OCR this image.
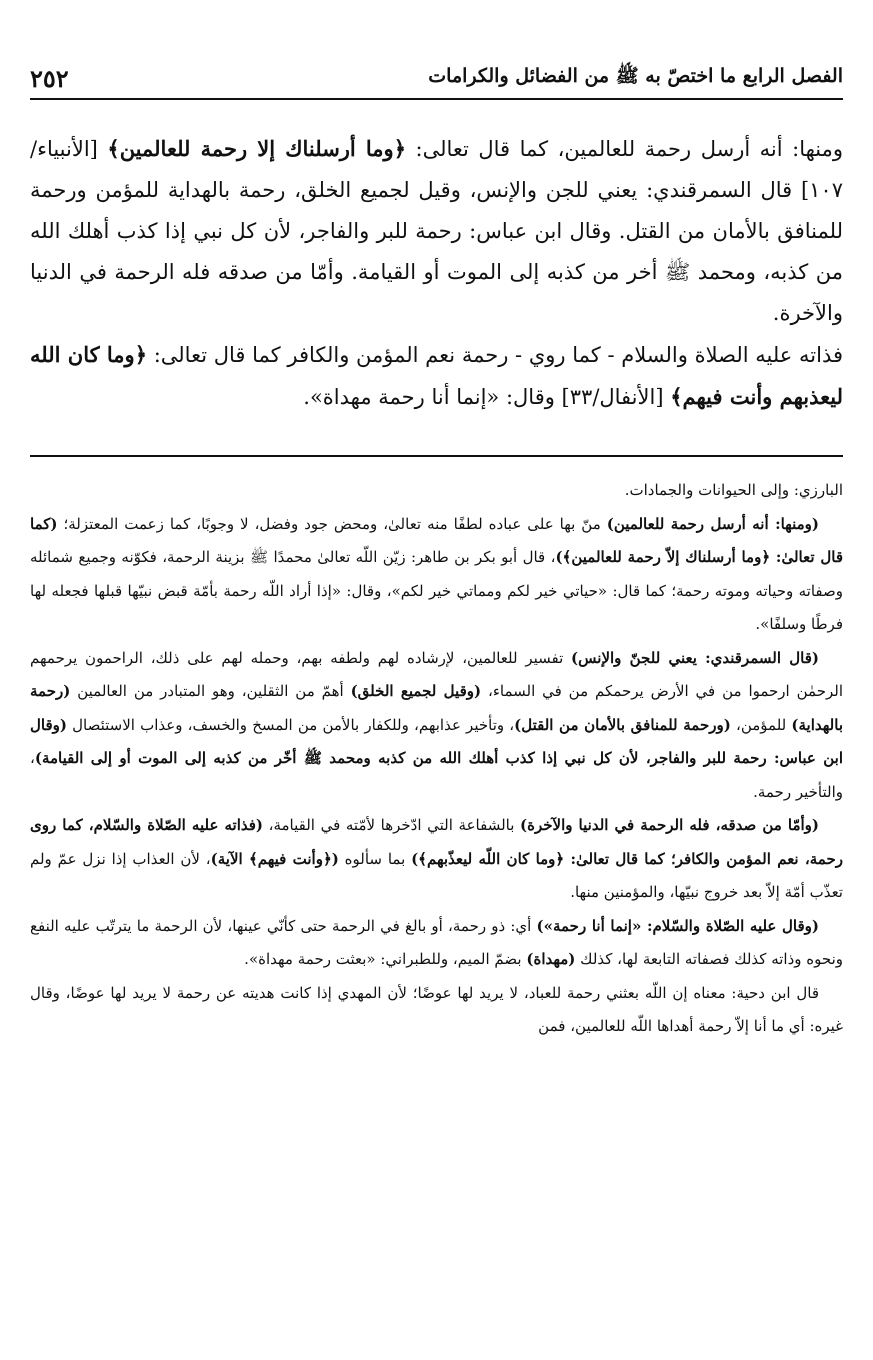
الفصل الرابع ما اختصّ به ﷺ من الفضائل والكرامات
٢٥٢

ومنها: أنه أرسل رحمة للعالمين، كما قال تعالى: ﴿وما أرسلناك إلا رحمة للعالمين﴾ [الأنبياء/١٠٧] قال السمرقندي: يعني للجن والإنس، وقيل لجميع الخلق، رحمة بالهداية للمؤمن ورحمة للمنافق بالأمان من القتل. وقال ابن عباس: رحمة للبر والفاجر، لأن كل نبي إذا كذب أهلك الله من كذبه، ومحمد ﷺ أخر من كذبه إلى الموت أو القيامة. وأمّا من صدقه فله الرحمة في الدنيا والآخرة.

فذاته عليه الصلاة والسلام - كما روي - رحمة نعم المؤمن والكافر كما قال تعالى: ﴿وما كان الله ليعذبهم وأنت فيهم﴾ [الأنفال/٣٣] وقال: «إنما أنا رحمة مهداة».

البارزي: وإلى الحيوانات والجمادات.

(ومنها: أنه أرسل رحمة للعالمين) منّ بها على عباده لطفًا منه تعالىٰ، ومحض جود وفضل، لا وجوبًا، كما زعمت المعتزلة؛ (كما قال تعالىٰ: ﴿وما أرسلناك إلاّ رحمة للعالمين﴾)، قال أبو بكر بن طاهر: زيّن اللّه تعالىٰ محمدًا ﷺ بزينة الرحمة، فكوّنه وجميع شمائله وصفاته وحياته وموته رحمة؛ كما قال: «حياتي خير لكم ومماتي خير لكم»، وقال: «إذا أراد اللّه رحمة بأمّة قبض نبيّها قبلها فجعله لها فرطًا وسلفًا».

(قال السمرقندي: يعني للجنّ والإنس) تفسير للعالمين، لإرشاده لهم ولطفه بهم، وحمله لهم على ذلك، الراحمون يرحمهم الرحمٰن ارحموا من في الأرض يرحمكم من في السماء، (وقيل لجميع الخلق) أهمّ من الثقلين، وهو المتبادر من العالمين (رحمة بالهداية) للمؤمن، (ورحمة للمنافق بالأمان من القتل)، وتأخير عذابهم، وللكفار بالأمن من المسخ والخسف، وعذاب الاستئصال (وقال ابن عباس: رحمة للبر والفاجر، لأن كل نبي إذا كذب أهلك الله من كذبه ومحمد ﷺ أخّر من كذبه إلى الموت أو إلى القيامة)، والتأخير رحمة.

(وأمّا من صدقه، فله الرحمة في الدنيا والآخرة) بالشفاعة التي ادّخرها لأمّته في القيامة، (فذاته عليه الصّلاة والسّلام، كما روى رحمة، نعم المؤمن والكافر؛ كما قال تعالىٰ: ﴿وما كان اللّه ليعذّبهم﴾) بما سألوه (﴿وأنت فيهم﴾ الآية)، لأن العذاب إذا نزل عمّ ولم تعذّب أمّة إلاّ بعد خروج نبيّها، والمؤمنين منها.

(وقال عليه الصّلاة والسّلام: «إنما أنا رحمة») أي: ذو رحمة، أو بالغ في الرحمة حتى كأنّي عينها، لأن الرحمة ما يترتّب عليه النفع ونحوه وذاته كذلك فصفاته التابعة لها، كذلك (مهداة) بضمّ الميم، وللطبراني: «بعثت رحمة مهداة».

قال ابن دحية: معناه إن اللّه بعثني رحمة للعباد، لا يريد لها عوضًا؛ لأن المهدي إذا كانت هديته عن رحمة لا يريد لها عوضًا، وقال غيره: أي ما أنا إلاّ رحمة أهداها اللّه للعالمين، فمن
